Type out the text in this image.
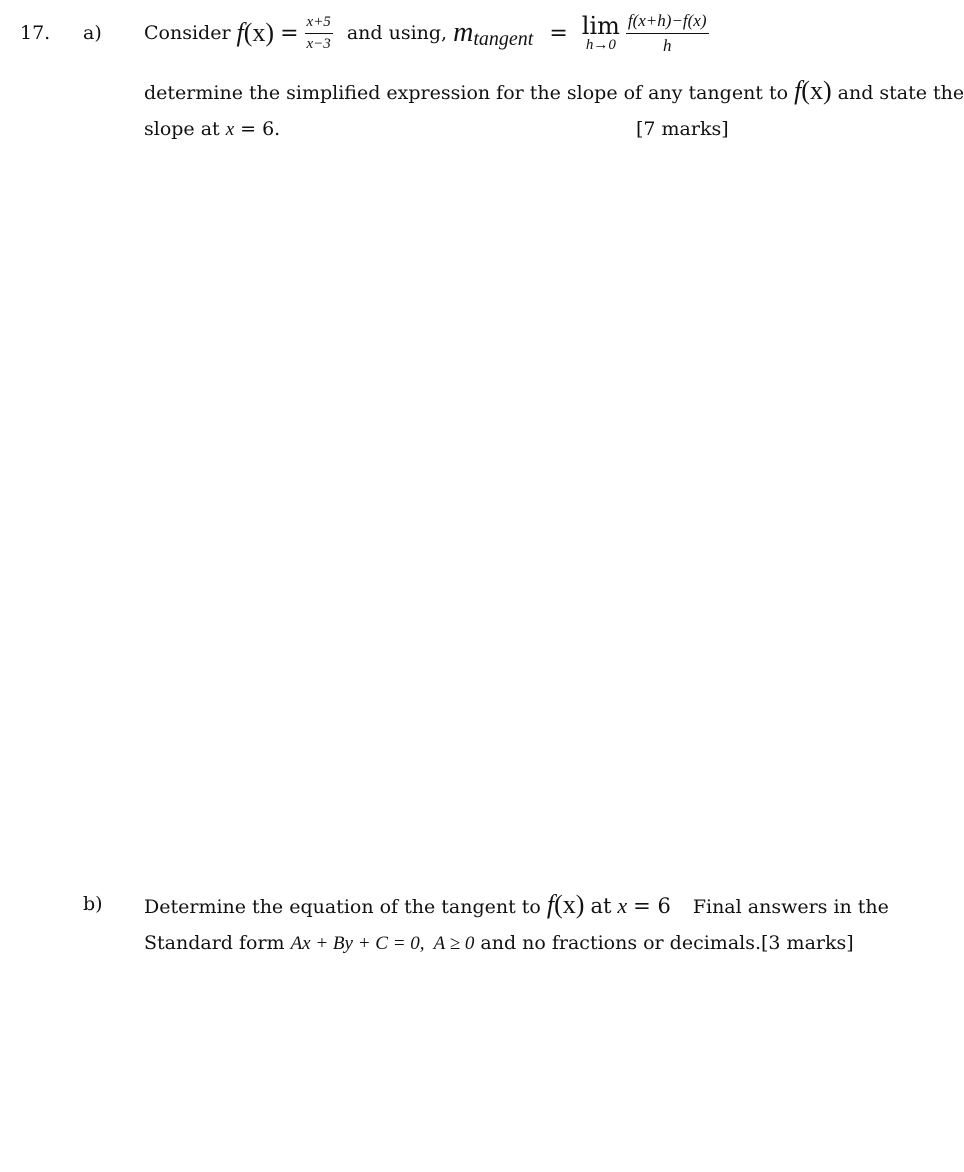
17. a) Consider $f(x) = \frac{x+5}{x-3}$ and using, mtangent = lim
$h\to 0 \frac{f(x+h)-f(x)}{h}$
determine the simplified expression for the slope of any tangent to f(x) and state the
slope at x = 6.	[7 marks]
b) Determine the equation of the tangent to f(x) at x = 6 Final answers in the
Standard form Ax + By + C = 0,  A ≥ 0 and no fractions or decimals.[3 marks]
